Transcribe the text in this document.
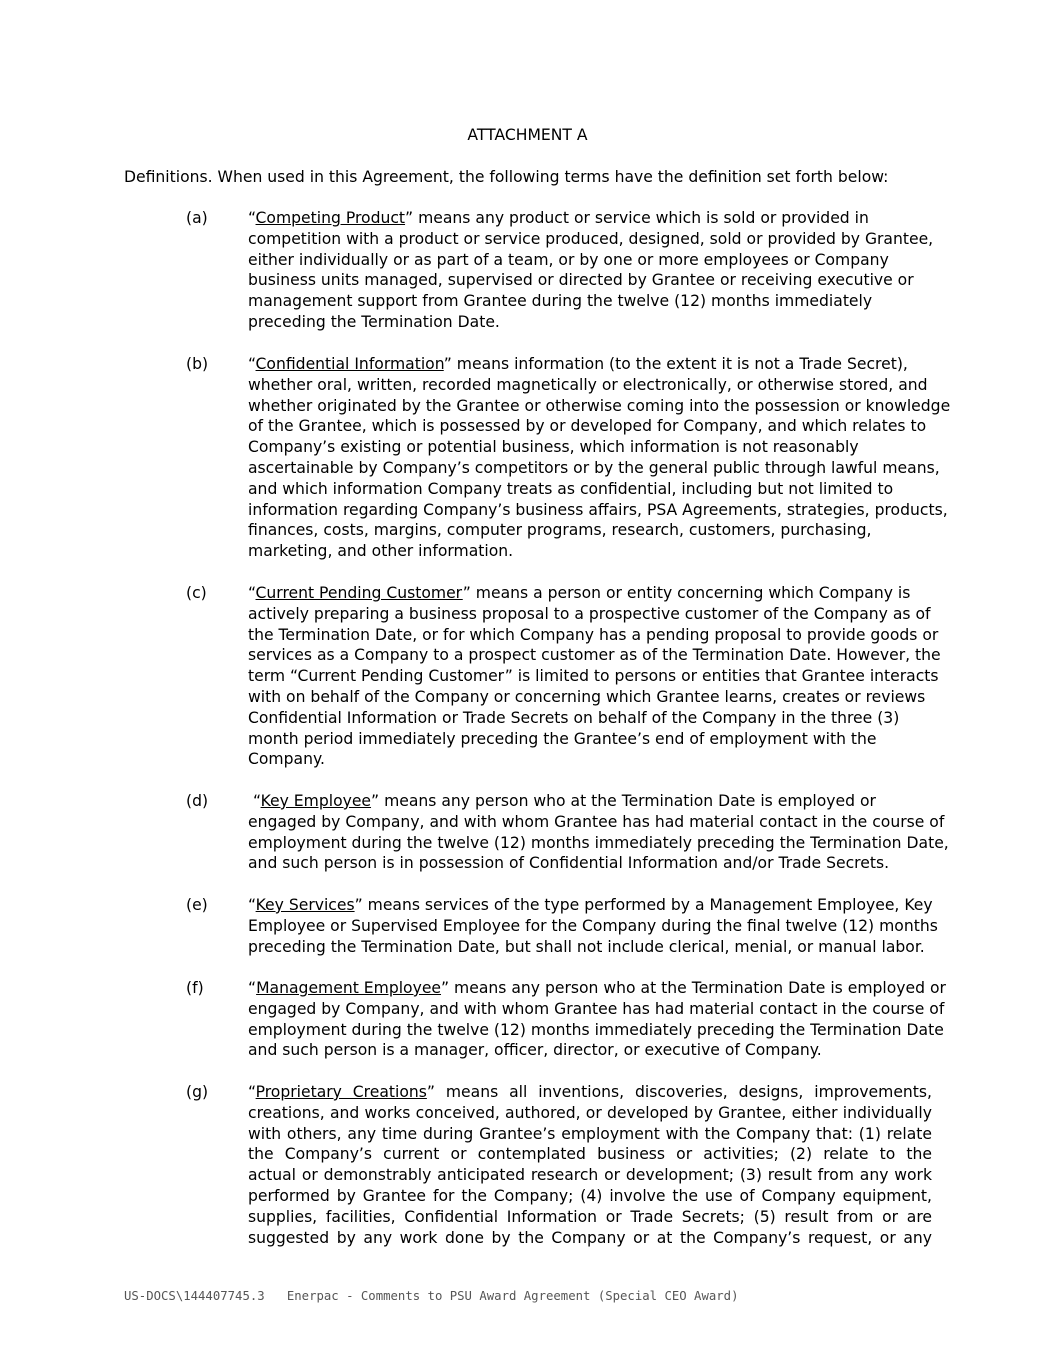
ATTACHMENT A

Definitions. When used in this Agreement, the following terms have the definition set forth below:

(a)	“Competing Product” means any product or service which is sold or provided in
competition with a product or service produced, designed, sold or provided by Grantee,
either individually or as part of a team, or by one or more employees or Company
business units managed, supervised or directed by Grantee or receiving executive or
management support from Grantee during the twelve (12) months immediately
preceding the Termination Date.
(b)	“Confidential Information” means information (to the extent it is not a Trade Secret),
whether oral, written, recorded magnetically or electronically, or otherwise stored, and
whether originated by the Grantee or otherwise coming into the possession or knowledge
of the Grantee, which is possessed by or developed for Company, and which relates to
Company’s existing or potential business, which information is not reasonably
ascertainable by Company’s competitors or by the general public through lawful means,
and which information Company treats as confidential, including but not limited to
information regarding Company’s business affairs, PSA Agreements, strategies, products,
finances, costs, margins, computer programs, research, customers, purchasing,
marketing, and other information.
(c)	“Current Pending Customer” means a person or entity concerning which Company is
actively preparing a business proposal to a prospective customer of the Company as of
the Termination Date, or for which Company has a pending proposal to provide goods or
services as a Company to a prospect customer as of the Termination Date. However, the
term “Current Pending Customer” is limited to persons or entities that Grantee interacts
with on behalf of the Company or concerning which Grantee learns, creates or reviews
Confidential Information or Trade Secrets on behalf of the Company in the three (3)
month period immediately preceding the Grantee’s end of employment with the
Company.
(d)	“Key Employee” means any person who at the Termination Date is employed or
engaged by Company, and with whom Grantee has had material contact in the course of
employment during the twelve (12) months immediately preceding the Termination Date,
and such person is in possession of Confidential Information and/or Trade Secrets.
(e)	“Key Services” means services of the type performed by a Management Employee, Key
Employee or Supervised Employee for the Company during the final twelve (12) months
preceding the Termination Date, but shall not include clerical, menial, or manual labor.
(f)	“Management Employee” means any person who at the Termination Date is employed or
engaged by Company, and with whom Grantee has had material contact in the course of
employment during the twelve (12) months immediately preceding the Termination Date
and such person is a manager, officer, director, or executive of Company.
(g)	“Proprietary Creations” means all inventions, discoveries, designs, improvements,
creations, and works conceived, authored, or developed by Grantee, either individually
with others, any time during Grantee’s employment with the Company that: (1) relate
the Company’s current or contemplated business or activities; (2) relate to the
actual or demonstrably anticipated research or development; (3) result from any work
performed by Grantee for the Company; (4) involve the use of Company equipment,
supplies, facilities, Confidential Information or Trade Secrets; (5) result from or are
suggested by any work done by the Company or at the Company’s request, or any
US-DOCS\144407745.3   Enerpac - Comments to PSU Award Agreement (Special CEO Award)
